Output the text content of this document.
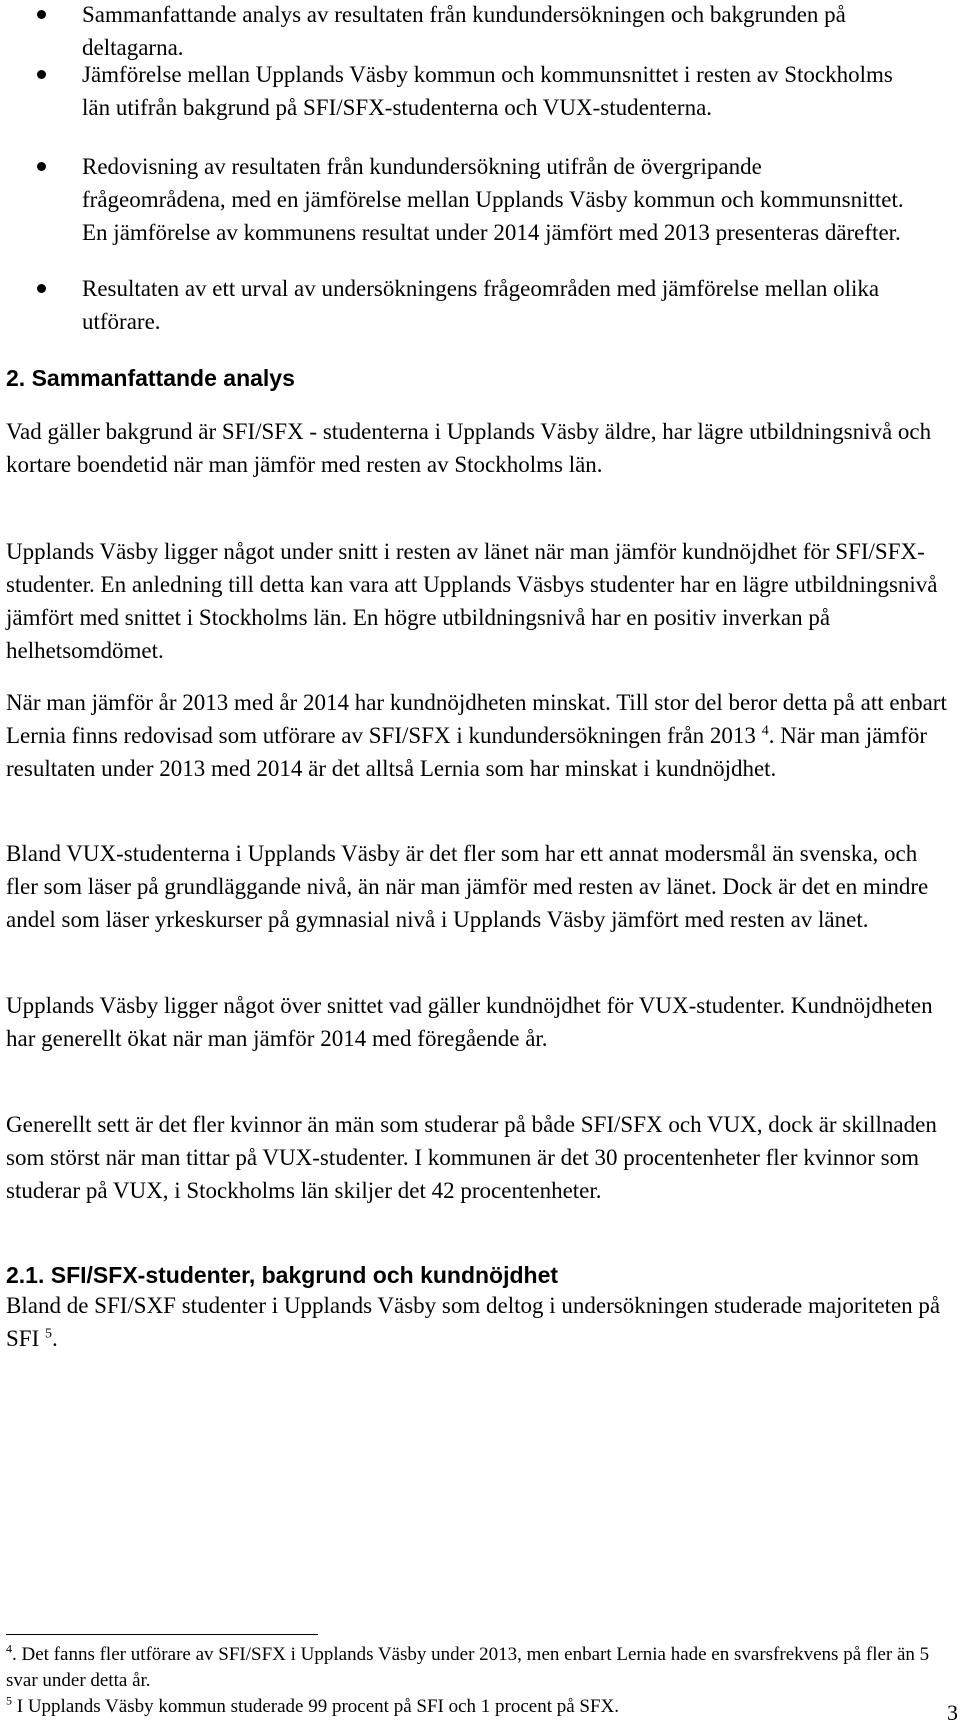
Sammanfattande analys av resultaten från kundundersökningen och bakgrunden på deltagarna.
Jämförelse mellan Upplands Väsby kommun och kommunsnittet i resten av Stockholms län utifrån bakgrund på SFI/SFX-studenterna och VUX-studenterna.
Redovisning av resultaten från kundundersökning utifrån de övergripande frågeområdena, med en jämförelse mellan Upplands Väsby kommun och kommunsnittet. En jämförelse av kommunens resultat under 2014 jämfört med 2013 presenteras därefter.
Resultaten av ett urval av undersökningens frågeområden med jämförelse mellan olika utförare.
2. Sammanfattande analys

Vad gäller bakgrund är SFI/SFX - studenterna i Upplands Väsby äldre, har lägre utbildningsnivå och kortare boendetid när man jämför med resten av Stockholms län.

Upplands Väsby ligger något under snitt i resten av länet när man jämför kundnöjdhet för SFI/SFX-studenter. En anledning till detta kan vara att Upplands Väsbys studenter har en lägre utbildningsnivå jämfört med snittet i Stockholms län. En högre utbildningsnivå har en positiv inverkan på helhetsomdömet.

När man jämför år 2013 med år 2014 har kundnöjdheten minskat. Till stor del beror detta på att enbart Lernia finns redovisad som utförare av SFI/SFX i kundundersökningen från 2013 $^4$. När man jämför resultaten under 2013 med 2014 är det alltså Lernia som har minskat i kundnöjdhet.

Bland VUX-studenterna i Upplands Väsby är det fler som har ett annat modersmål än svenska, och fler som läser på grundläggande nivå, än när man jämför med resten av länet. Dock är det en mindre andel som läser yrkeskurser på gymnasial nivå i Upplands Väsby jämfört med resten av länet.

Upplands Väsby ligger något över snittet vad gäller kundnöjdhet för VUX-studenter. Kundnöjdheten har generellt ökat när man jämför 2014 med föregående år.

Generellt sett är det fler kvinnor än män som studerar på både SFI/SFX och VUX, dock är skillnaden som störst när man tittar på VUX-studenter. I kommunen är det 30 procentenheter fler kvinnor som studerar på VUX, i Stockholms län skiljer det 42 procentenheter.

2.1. SFI/SFX-studenter, bakgrund och kundnöjdhet

Bland de SFI/SXF studenter i Upplands Väsby som deltog i undersökningen studerade majoriteten på SFI $^5$.

$^4$. Det fanns fler utförare av SFI/SFX i Upplands Väsby under 2013, men enbart Lernia hade en svarsfrekvens på fler än 5 svar under detta år.

$^5$ I Upplands Väsby kommun studerade 99 procent på SFI och 1 procent på SFX.	3
